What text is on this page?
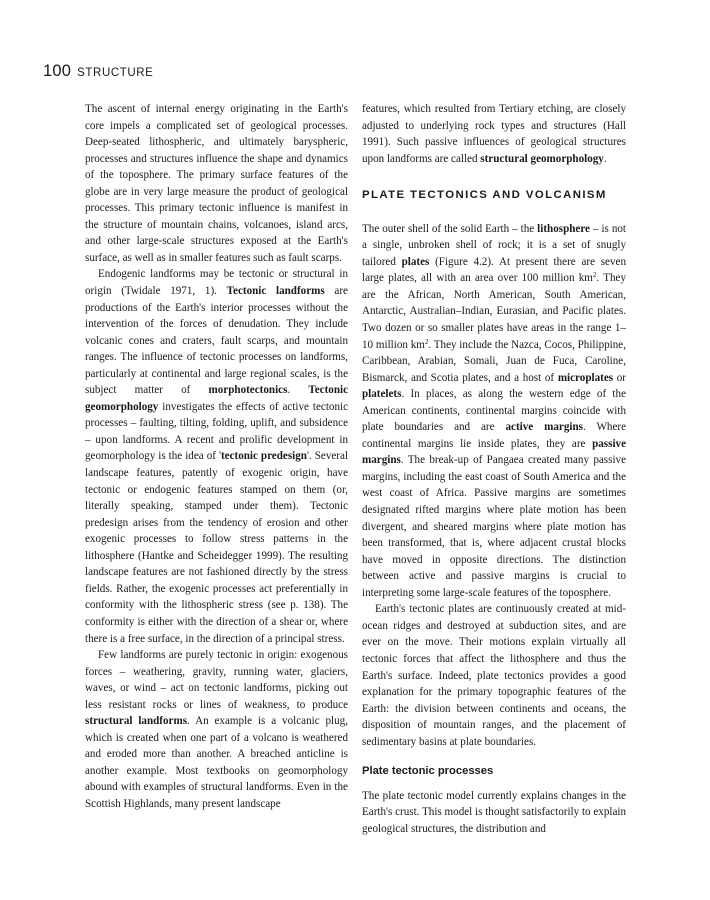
100 STRUCTURE

The ascent of internal energy originating in the Earth's core impels a complicated set of geological processes. Deep-seated lithospheric, and ultimately baryspheric, processes and structures influence the shape and dynamics of the toposphere. The primary surface features of the globe are in very large measure the product of geological processes. This primary tectonic influence is manifest in the structure of mountain chains, volcanoes, island arcs, and other large-scale structures exposed at the Earth's surface, as well as in smaller features such as fault scarps.

Endogenic landforms may be tectonic or structural in origin (Twidale 1971, 1). Tectonic landforms are productions of the Earth's interior processes without the intervention of the forces of denudation. They include volcanic cones and craters, fault scarps, and mountain ranges. The influence of tectonic processes on landforms, particularly at continental and large regional scales, is the subject matter of morphotectonics. Tectonic geomorphology investigates the effects of active tectonic processes – faulting, tilting, folding, uplift, and subsidence – upon landforms. A recent and prolific development in geomorphology is the idea of 'tectonic predesign'. Several landscape features, patently of exogenic origin, have tectonic or endogenic features stamped on them (or, literally speaking, stamped under them). Tectonic predesign arises from the tendency of erosion and other exogenic processes to follow stress patterns in the lithosphere (Hantke and Scheidegger 1999). The resulting landscape features are not fashioned directly by the stress fields. Rather, the exogenic processes act preferentially in conformity with the lithospheric stress (see p. 138). The conformity is either with the direction of a shear or, where there is a free surface, in the direction of a principal stress.

Few landforms are purely tectonic in origin: exogenous forces – weathering, gravity, running water, glaciers, waves, or wind – act on tectonic landforms, picking out less resistant rocks or lines of weakness, to produce structural landforms. An example is a volcanic plug, which is created when one part of a volcano is weathered and eroded more than another. A breached anticline is another example. Most textbooks on geomorphology abound with examples of structural landforms. Even in the Scottish Highlands, many present landscape

features, which resulted from Tertiary etching, are closely adjusted to underlying rock types and structures (Hall 1991). Such passive influences of geological structures upon landforms are called structural geomorphology.

PLATE TECTONICS AND VOLCANISM

The outer shell of the solid Earth – the lithosphere – is not a single, unbroken shell of rock; it is a set of snugly tailored plates (Figure 4.2). At present there are seven large plates, all with an area over 100 million $km^2$. They are the African, North American, South American, Antarctic, Australian–Indian, Eurasian, and Pacific plates. Two dozen or so smaller plates have areas in the range 1–10 million $km^2$. They include the Nazca, Cocos, Philippine, Caribbean, Arabian, Somali, Juan de Fuca, Caroline, Bismarck, and Scotia plates, and a host of microplates or platelets. In places, as along the western edge of the American continents, continental margins coincide with plate boundaries and are active margins. Where continental margins lie inside plates, they are passive margins. The break-up of Pangaea created many passive margins, including the east coast of South America and the west coast of Africa. Passive margins are sometimes designated rifted margins where plate motion has been divergent, and sheared margins where plate motion has been transformed, that is, where adjacent crustal blocks have moved in opposite directions. The distinction between active and passive margins is crucial to interpreting some large-scale features of the toposphere.

Earth's tectonic plates are continuously created at mid-ocean ridges and destroyed at subduction sites, and are ever on the move. Their motions explain virtually all tectonic forces that affect the lithosphere and thus the Earth's surface. Indeed, plate tectonics provides a good explanation for the primary topographic features of the Earth: the division between continents and oceans, the disposition of mountain ranges, and the placement of sedimentary basins at plate boundaries.

Plate tectonic processes

The plate tectonic model currently explains changes in the Earth's crust. This model is thought satisfactorily to explain geological structures, the distribution and
